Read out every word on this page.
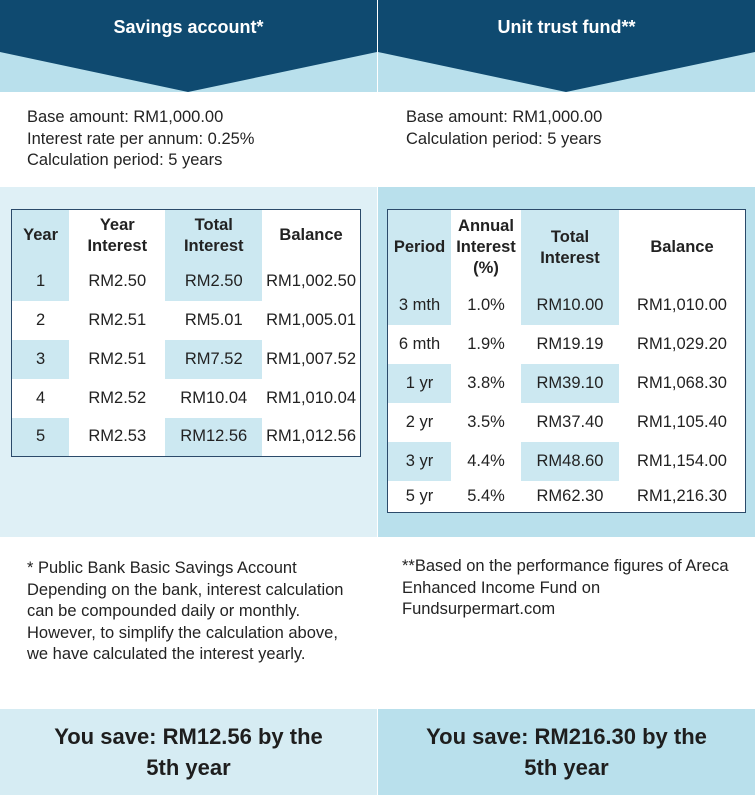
Savings account*
Base amount: RM1,000.00
Interest rate per annum: 0.25%
Calculation period: 5 years
Year	Year Interest	Total Interest	Balance
1	RM2.50	RM2.50	RM1,002.50
2	RM2.51	RM5.01	RM1,005.01
3	RM2.51	RM7.52	RM1,007.52
4	RM2.52	RM10.04	RM1,010.04
5	RM2.53	RM12.56	RM1,012.56
* Public Bank Basic Savings Account Depending on the bank, interest calculation can be compounded daily or monthly. However, to simplify the calculation above, we have calculated the interest yearly.
You save: RM12.56 by the 5th year
Unit trust fund**
Base amount: RM1,000.00
Calculation period: 5 years
Period	Annual Interest (%)	Total Interest	Balance
3 mth	1.0%	RM10.00	RM1,010.00
6 mth	1.9%	RM19.19	RM1,029.20
1 yr	3.8%	RM39.10	RM1,068.30
2 yr	3.5%	RM37.40	RM1,105.40
3 yr	4.4%	RM48.60	RM1,154.00
5 yr	5.4%	RM62.30	RM1,216.30
**Based on the performance figures of Areca Enhanced Income Fund on Fundsurpermart.com
You save: RM216.30 by the 5th year
